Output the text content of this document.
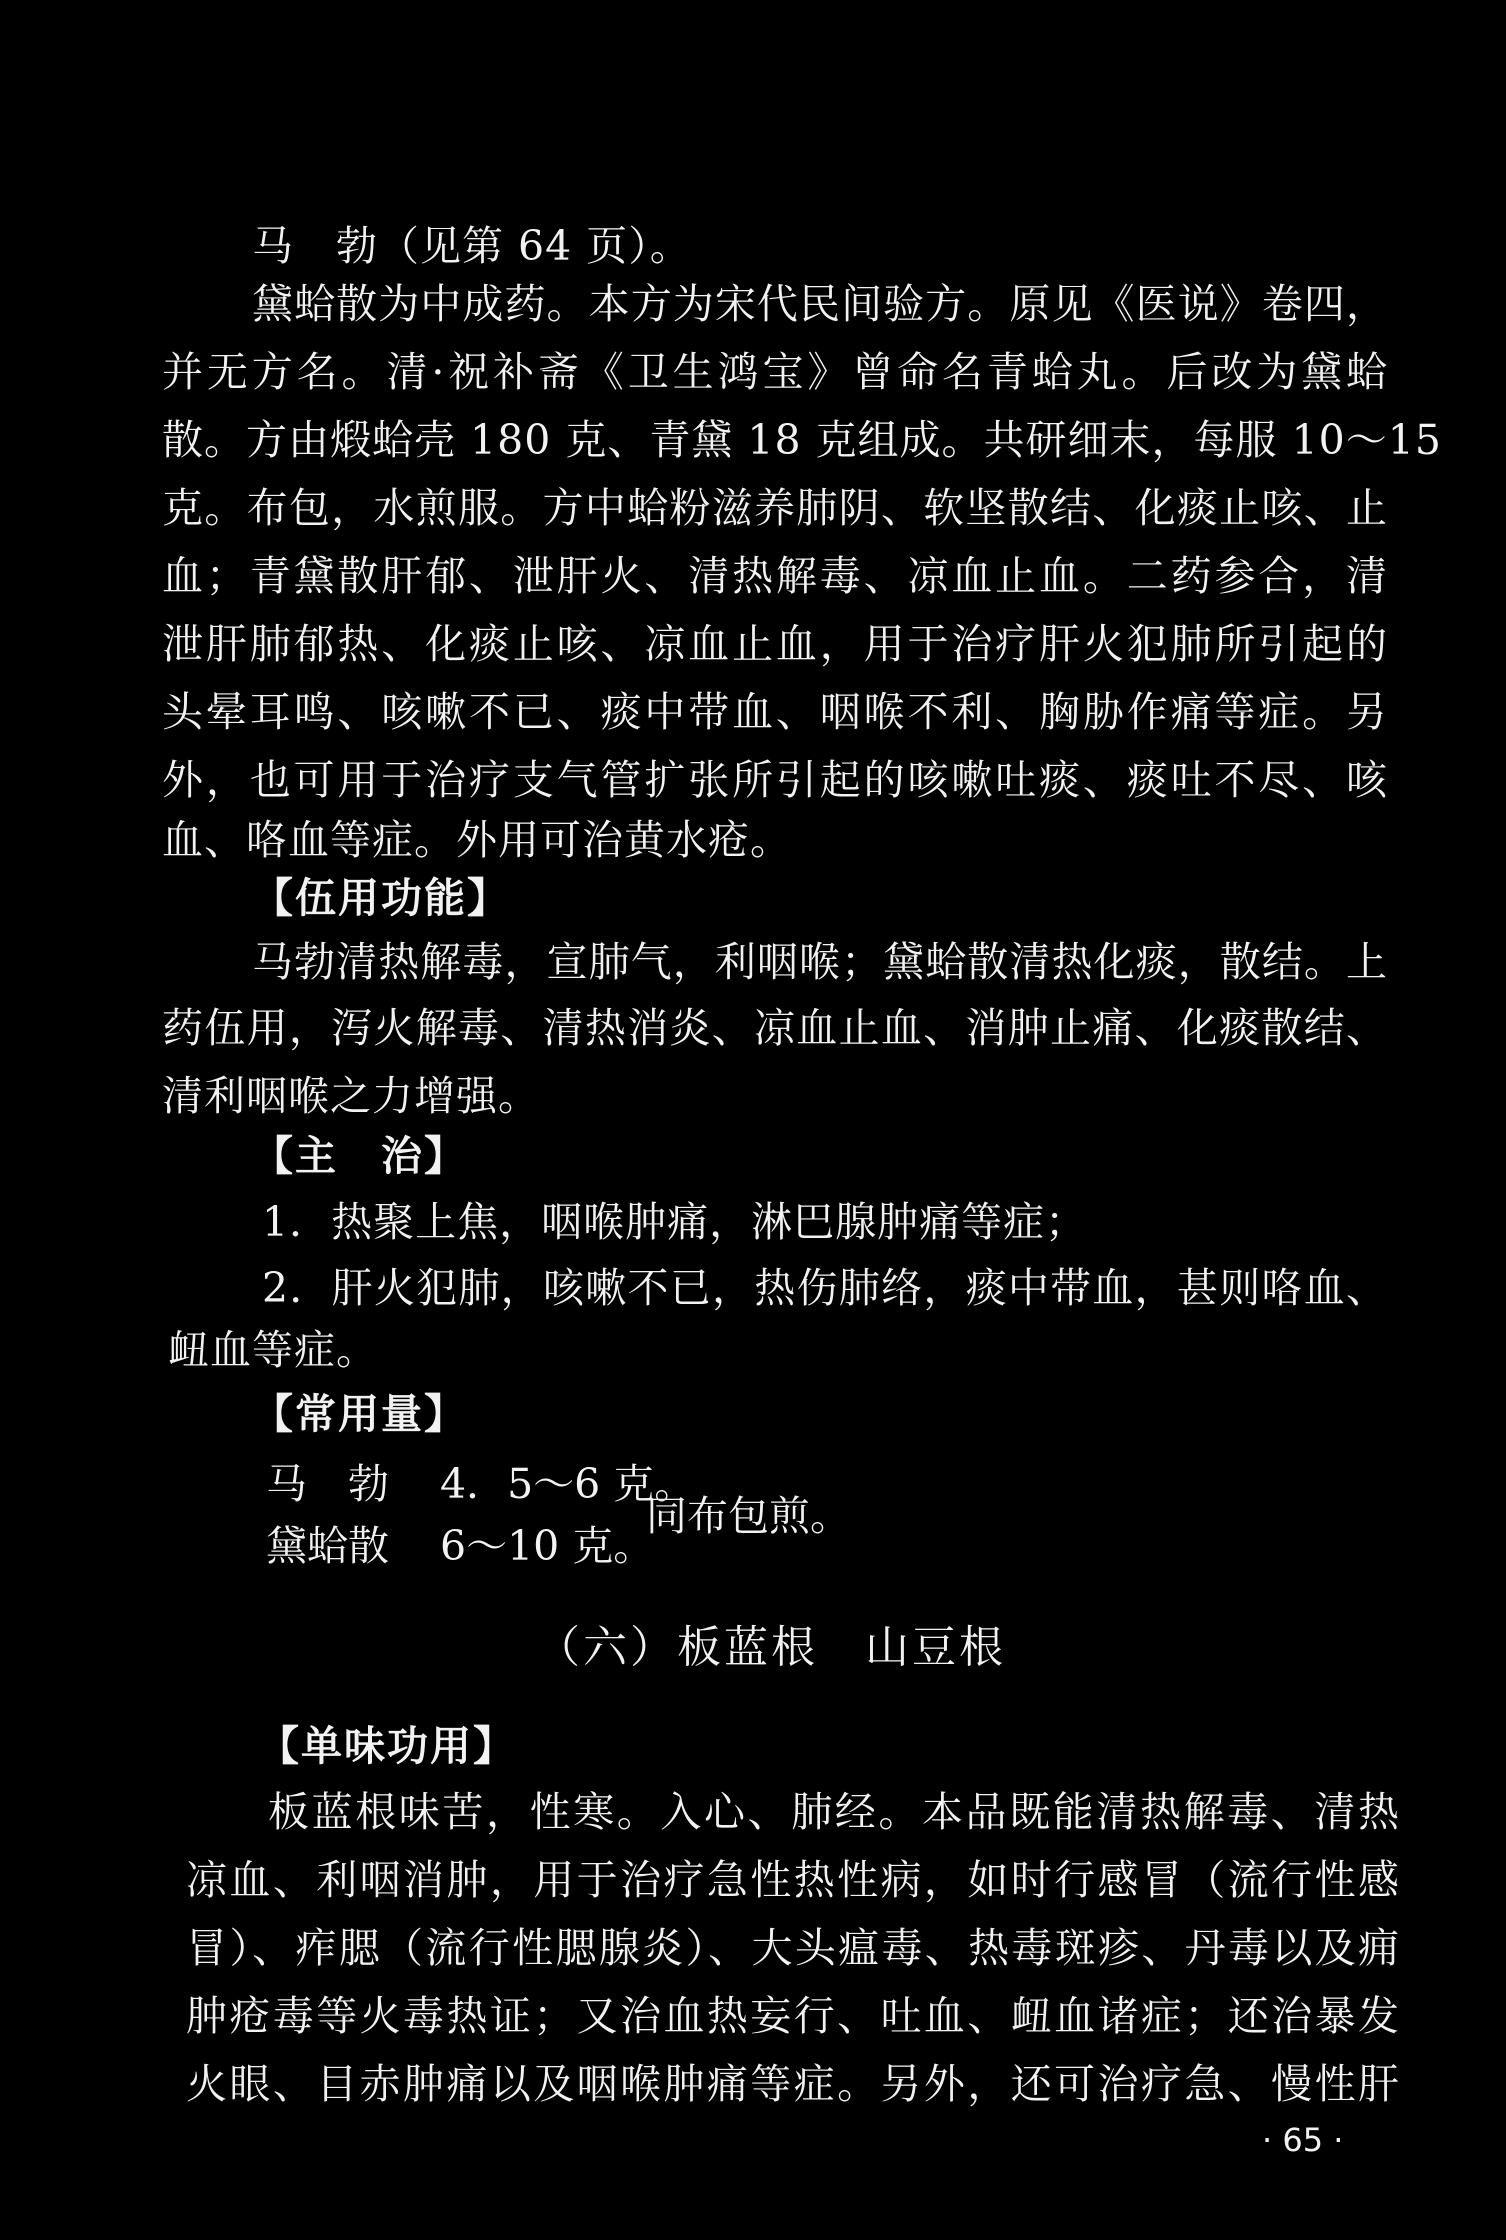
马　勃（见第 64 页）。
黛蛤散为中成药。本方为宋代民间验方。原见《医说》卷四，
并无方名。清·祝补斋《卫生鸿宝》曾命名青蛤丸。后改为黛蛤
散。方由煅蛤壳 180 克、青黛 18 克组成。共研细末，每服 10～15
克。布包，水煎服。方中蛤粉滋养肺阴、软坚散结、化痰止咳、止
血；青黛散肝郁、泄肝火、清热解毒、凉血止血。二药参合，清
泄肝肺郁热、化痰止咳、凉血止血，用于治疗肝火犯肺所引起的
头晕耳鸣、咳嗽不已、痰中带血、咽喉不利、胸胁作痛等症。另
外，也可用于治疗支气管扩张所引起的咳嗽吐痰、痰吐不尽、咳
血、咯血等症。外用可治黄水疮。
【伍用功能】
马勃清热解毒，宣肺气，利咽喉；黛蛤散清热化痰，散结。上
药伍用，泻火解毒、清热消炎、凉血止血、消肿止痛、化痰散结、
清利咽喉之力增强。
【主　治】
1．热聚上焦，咽喉肿痛，淋巴腺肿痛等症；
2．肝火犯肺，咳嗽不已，热伤肺络，痰中带血，甚则咯血、
衄血等症。
【常用量】
马　勃 4．5～6 克。
黛蛤散 6～10 克。
同布包煎。
（六）板蓝根　山豆根
【单味功用】
板蓝根味苦，性寒。入心、肺经。本品既能清热解毒、清热
凉血、利咽消肿，用于治疗急性热性病，如时行感冒（流行性感
冒）、痄腮（流行性腮腺炎）、大头瘟毒、热毒斑疹、丹毒以及痈
肿疮毒等火毒热证；又治血热妄行、吐血、衄血诸症；还治暴发
火眼、目赤肿痛以及咽喉肿痛等症。另外，还可治疗急、慢性肝
· 65 ·
